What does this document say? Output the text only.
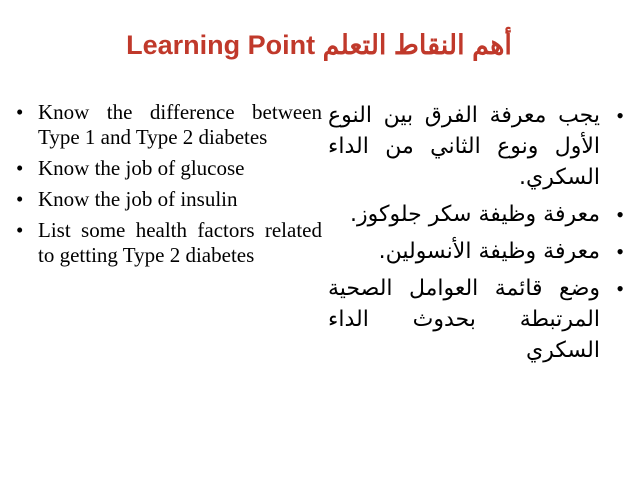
Learning Point أهم النقاط التعلم
• Know the difference between Type 1 and Type 2 diabetes
• Know the job of glucose
• Know the job of insulin
• List some health factors related to getting Type 2 diabetes
•
يجب معرفة الفرق بين النوع الأول ونوع الثاني من الداء السكري.
•
معرفة وظيفة سكر جلوكوز.
•
معرفة وظيفة الأنسولين.
•
وضع قائمة العوامل الصحية المرتبطة بحدوث الداء السكري
